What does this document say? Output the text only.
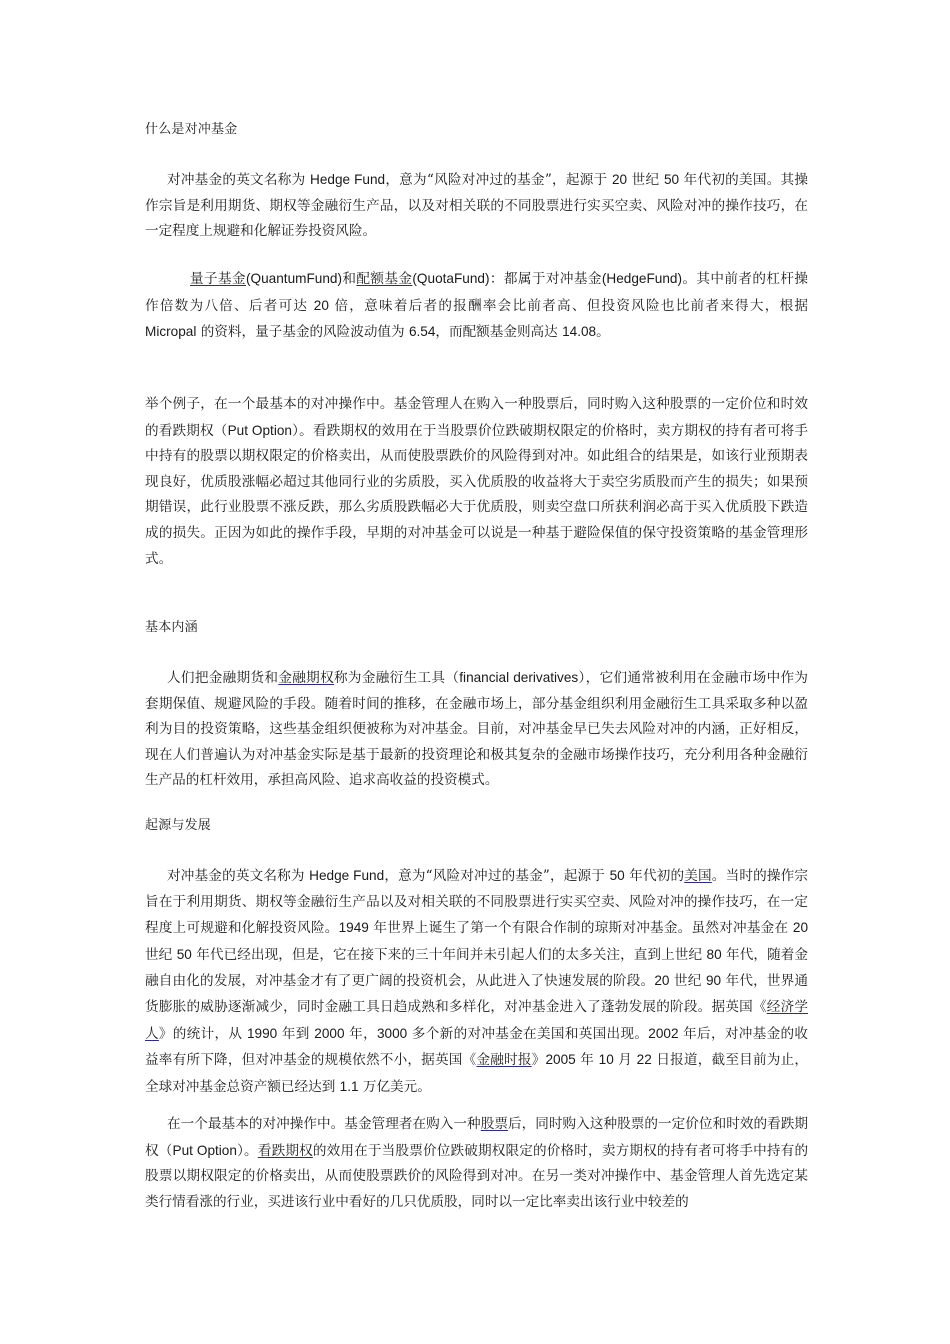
什么是对冲基金
对冲基金的英文名称为 Hedge Fund，意为“风险对冲过的基金”，起源于 20 世纪 50 年代初的美国。其操作宗旨是利用期货、期权等金融衍生产品，以及对相关联的不同股票进行实买空卖、风险对冲的操作技巧，在一定程度上规避和化解证券投资风险。
量子基金(QuantumFund)和配额基金(QuotaFund)：都属于对冲基金(HedgeFund)。其中前者的杠杆操作倍数为八倍、后者可达 20 倍，意味着后者的报酬率会比前者高、但投资风险也比前者来得大，根据 Micropal 的资料，量子基金的风险波动值为 6.54，而配额基金则高达 14.08。
举个例子，在一个最基本的对冲操作中。基金管理人在购入一种股票后，同时购入这种股票的一定价位和时效的看跌期权（Put Option）。看跌期权的效用在于当股票价位跌破期权限定的价格时，卖方期权的持有者可将手中持有的股票以期权限定的价格卖出，从而使股票跌价的风险得到对冲。如此组合的结果是，如该行业预期表现良好，优质股涨幅必超过其他同行业的劣质股，买入优质股的收益将大于卖空劣质股而产生的损失；如果预期错误，此行业股票不涨反跌，那么劣质股跌幅必大于优质股，则卖空盘口所获利润必高于买入优质股下跌造成的损失。正因为如此的操作手段，早期的对冲基金可以说是一种基于避险保值的保守投资策略的基金管理形式。
基本内涵
人们把金融期货和金融期权称为金融衍生工具（financial derivatives），它们通常被利用在金融市场中作为套期保值、规避风险的手段。随着时间的推移，在金融市场上，部分基金组织利用金融衍生工具采取多种以盈利为目的投资策略，这些基金组织便被称为对冲基金。目前，对冲基金早已失去风险对冲的内涵，正好相反，现在人们普遍认为对冲基金实际是基于最新的投资理论和极其复杂的金融市场操作技巧，充分利用各种金融衍生产品的杠杆效用，承担高风险、追求高收益的投资模式。
起源与发展
对冲基金的英文名称为 Hedge Fund，意为“风险对冲过的基金”，起源于 50 年代初的美国。当时的操作宗旨在于利用期货、期权等金融衍生产品以及对相关联的不同股票进行实买空卖、风险对冲的操作技巧，在一定程度上可规避和化解投资风险。1949 年世界上诞生了第一个有限合作制的琼斯对冲基金。虽然对冲基金在 20 世纪 50 年代已经出现，但是，它在接下来的三十年间并未引起人们的太多关注，直到上世纪 80 年代，随着金融自由化的发展，对冲基金才有了更广阔的投资机会，从此进入了快速发展的阶段。20 世纪 90 年代，世界通货膨胀的威胁逐渐减少，同时金融工具日趋成熟和多样化，对冲基金进入了蓬勃发展的阶段。据英国《经济学人》的统计，从 1990 年到 2000 年，3000 多个新的对冲基金在美国和英国出现。2002 年后，对冲基金的收益率有所下降，但对冲基金的规模依然不小，据英国《金融时报》2005 年 10 月 22 日报道，截至目前为止，全球对冲基金总资产额已经达到 1.1 万亿美元。
在一个最基本的对冲操作中。基金管理者在购入一种股票后，同时购入这种股票的一定价位和时效的看跌期权（Put Option）。看跌期权的效用在于当股票价位跌破期权限定的价格时，卖方期权的持有者可将手中持有的股票以期权限定的价格卖出，从而使股票跌价的风险得到对冲。在另一类对冲操作中、基金管理人首先选定某类行情看涨的行业，买进该行业中看好的几只优质股，同时以一定比率卖出该行业中较差的
